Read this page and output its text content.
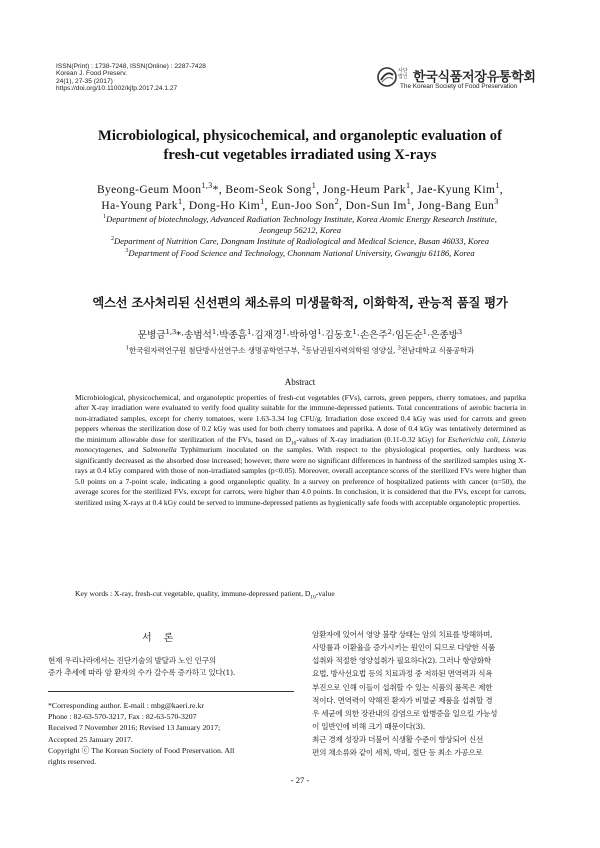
ISSN(Print) : 1738-7248, ISSN(Online) : 2287-7428
Korean J. Food Preserv.
24(1), 27-35 (2017)
https://doi.org/10.11002/kjfp.2017.24.1.27
사단
법인 한국식품저장유통학회
The Korean Society of Food Preservation
Microbiological, physicochemical, and organoleptic evaluation of
fresh-cut vegetables irradiated using X-rays
Byeong-Geum Moon$^{1,3}$*, Beom-Seok Song$^1$, Jong-Heum Park$^1$, Jae-Kyung Kim$^1$,
Ha-Young Park$^1$, Dong-Ho Kim$^1$, Eun-Joo Son$^2$, Don-Sun Im$^1$, Jong-Bang Eun$^3$
$^1$Department of biotechnology, Advanced Radiation Technology Institute, Korea Atomic Energy Research Institute,
Jeongeup 56212, Korea
$^2$Department of Nutrition Care, Dongnam Institute of Radiological and Medical Science, Busan 46033, Korea
$^3$Department of Food Science and Technology, Chonnam National University, Gwangju 61186, Korea
엑스선 조사처리된 신선편의 채소류의 미생물학적, 이화학적, 관능적 품질 평가
문병금$^{1,3}$*·송범석$^1$·박종흠$^1$·김재경$^1$·박하영$^1$·김동호$^1$·손은주$^2$·임돈순$^1$·은종방$^3$
$^1$한국원자력연구원 첨단방사선연구소 생명공학연구부, $^2$동남권원자력의학원 영양실, $^3$전남대학교 식품공학과
Abstract
Microbiological, physicochemical, and organoleptic properties of fresh-cut vegetables (FVs), carrots, green peppers, cherry tomatoes, and paprika after X-ray irradiation were evaluated to verify food quality suitable for the immune-depressed patients. Total concentrations of aerobic bacteria in non-irradiated samples, except for cherry tomatoes, were 1.63-3.34 log CFU/g. Irradiation dose exceed 0.4 kGy was used for carrots and green peppers whereas the sterilization dose of 0.2 kGy was used for both cherry tomatoes and paprika. A dose of 0.4 kGy was tentatively determined as the minimum allowable dose for sterilization of the FVs, based on $D_{10}$-values of X-ray irradiation (0.11-0.32 kGy) for Escherichia coli, Listeria monocytogenes, and Salmonella Typhimurium inoculated on the samples. With respect to the physiological properties, only hardness was significantly decreased as the absorbed dose increased; however, there were no significant differences in hardness of the sterilized samples using X-rays at 0.4 kGy compared with those of non-irradiated samples (p<0.05). Moreover, overall acceptance scores of the sterilized FVs were higher than 5.0 points on a 7-point scale, indicating a good organoleptic quality. In a survey on preference of hospitalized patients with cancer (n=50), the average scores for the sterilized FVs, except for carrots, were higher than 4.0 points. In conclusion, it is considered that the FVs, except for carrots, sterilized using X-rays at 0.4 kGy could be served to immune-depressed patients as hygienically safe foods with acceptable organoleptic properties.
Key words : X-ray, fresh-cut vegetable, quality, immune-depressed patient, $D_{10}$-value
서론
현재 우리나라에서는 진단기술의 발달과 노인 인구의
증가 추세에 따라 암 환자의 수가 갈수록 증가하고 있다(1).
*Corresponding author. E-mail : mbg@kaeri.re.kr
Phone : 82-63-570-3217, Fax : 82-63-570-3207
Received 7 November 2016; Revised 13 January 2017;
Accepted 25 January 2017.
Copyright ⓒ The Korean Society of Food Preservation. All
rights reserved.
암환자에 있어서 영양 불량 상태는 암의 치료를 방해하며,
사망률과 이환율을 증가시키는 원인이 되므로 다양한 식품
섭취와 적절한 영양섭취가 필요하다(2). 그러나 항암화학
요법, 방사선요법 등의 치료과정 중 저하된 면역력과 식욕
부진으로 인해 이들이 섭취할 수 있는 식품의 품목은 제한
적이다. 면역력이 약해진 환자가 비멸균 제품을 섭취할 경
우 세균에 의한 장관내의 감염으로 합병증을 일으킬 가능성
이 일반인에 비해 크기 때문이다(3).
최근 경제 성장과 더불어 식생활 수준이 향상되어 신선
편의 채소류와 같이 세척, 박피, 절단 등 최소 가공으로
- 27 -
